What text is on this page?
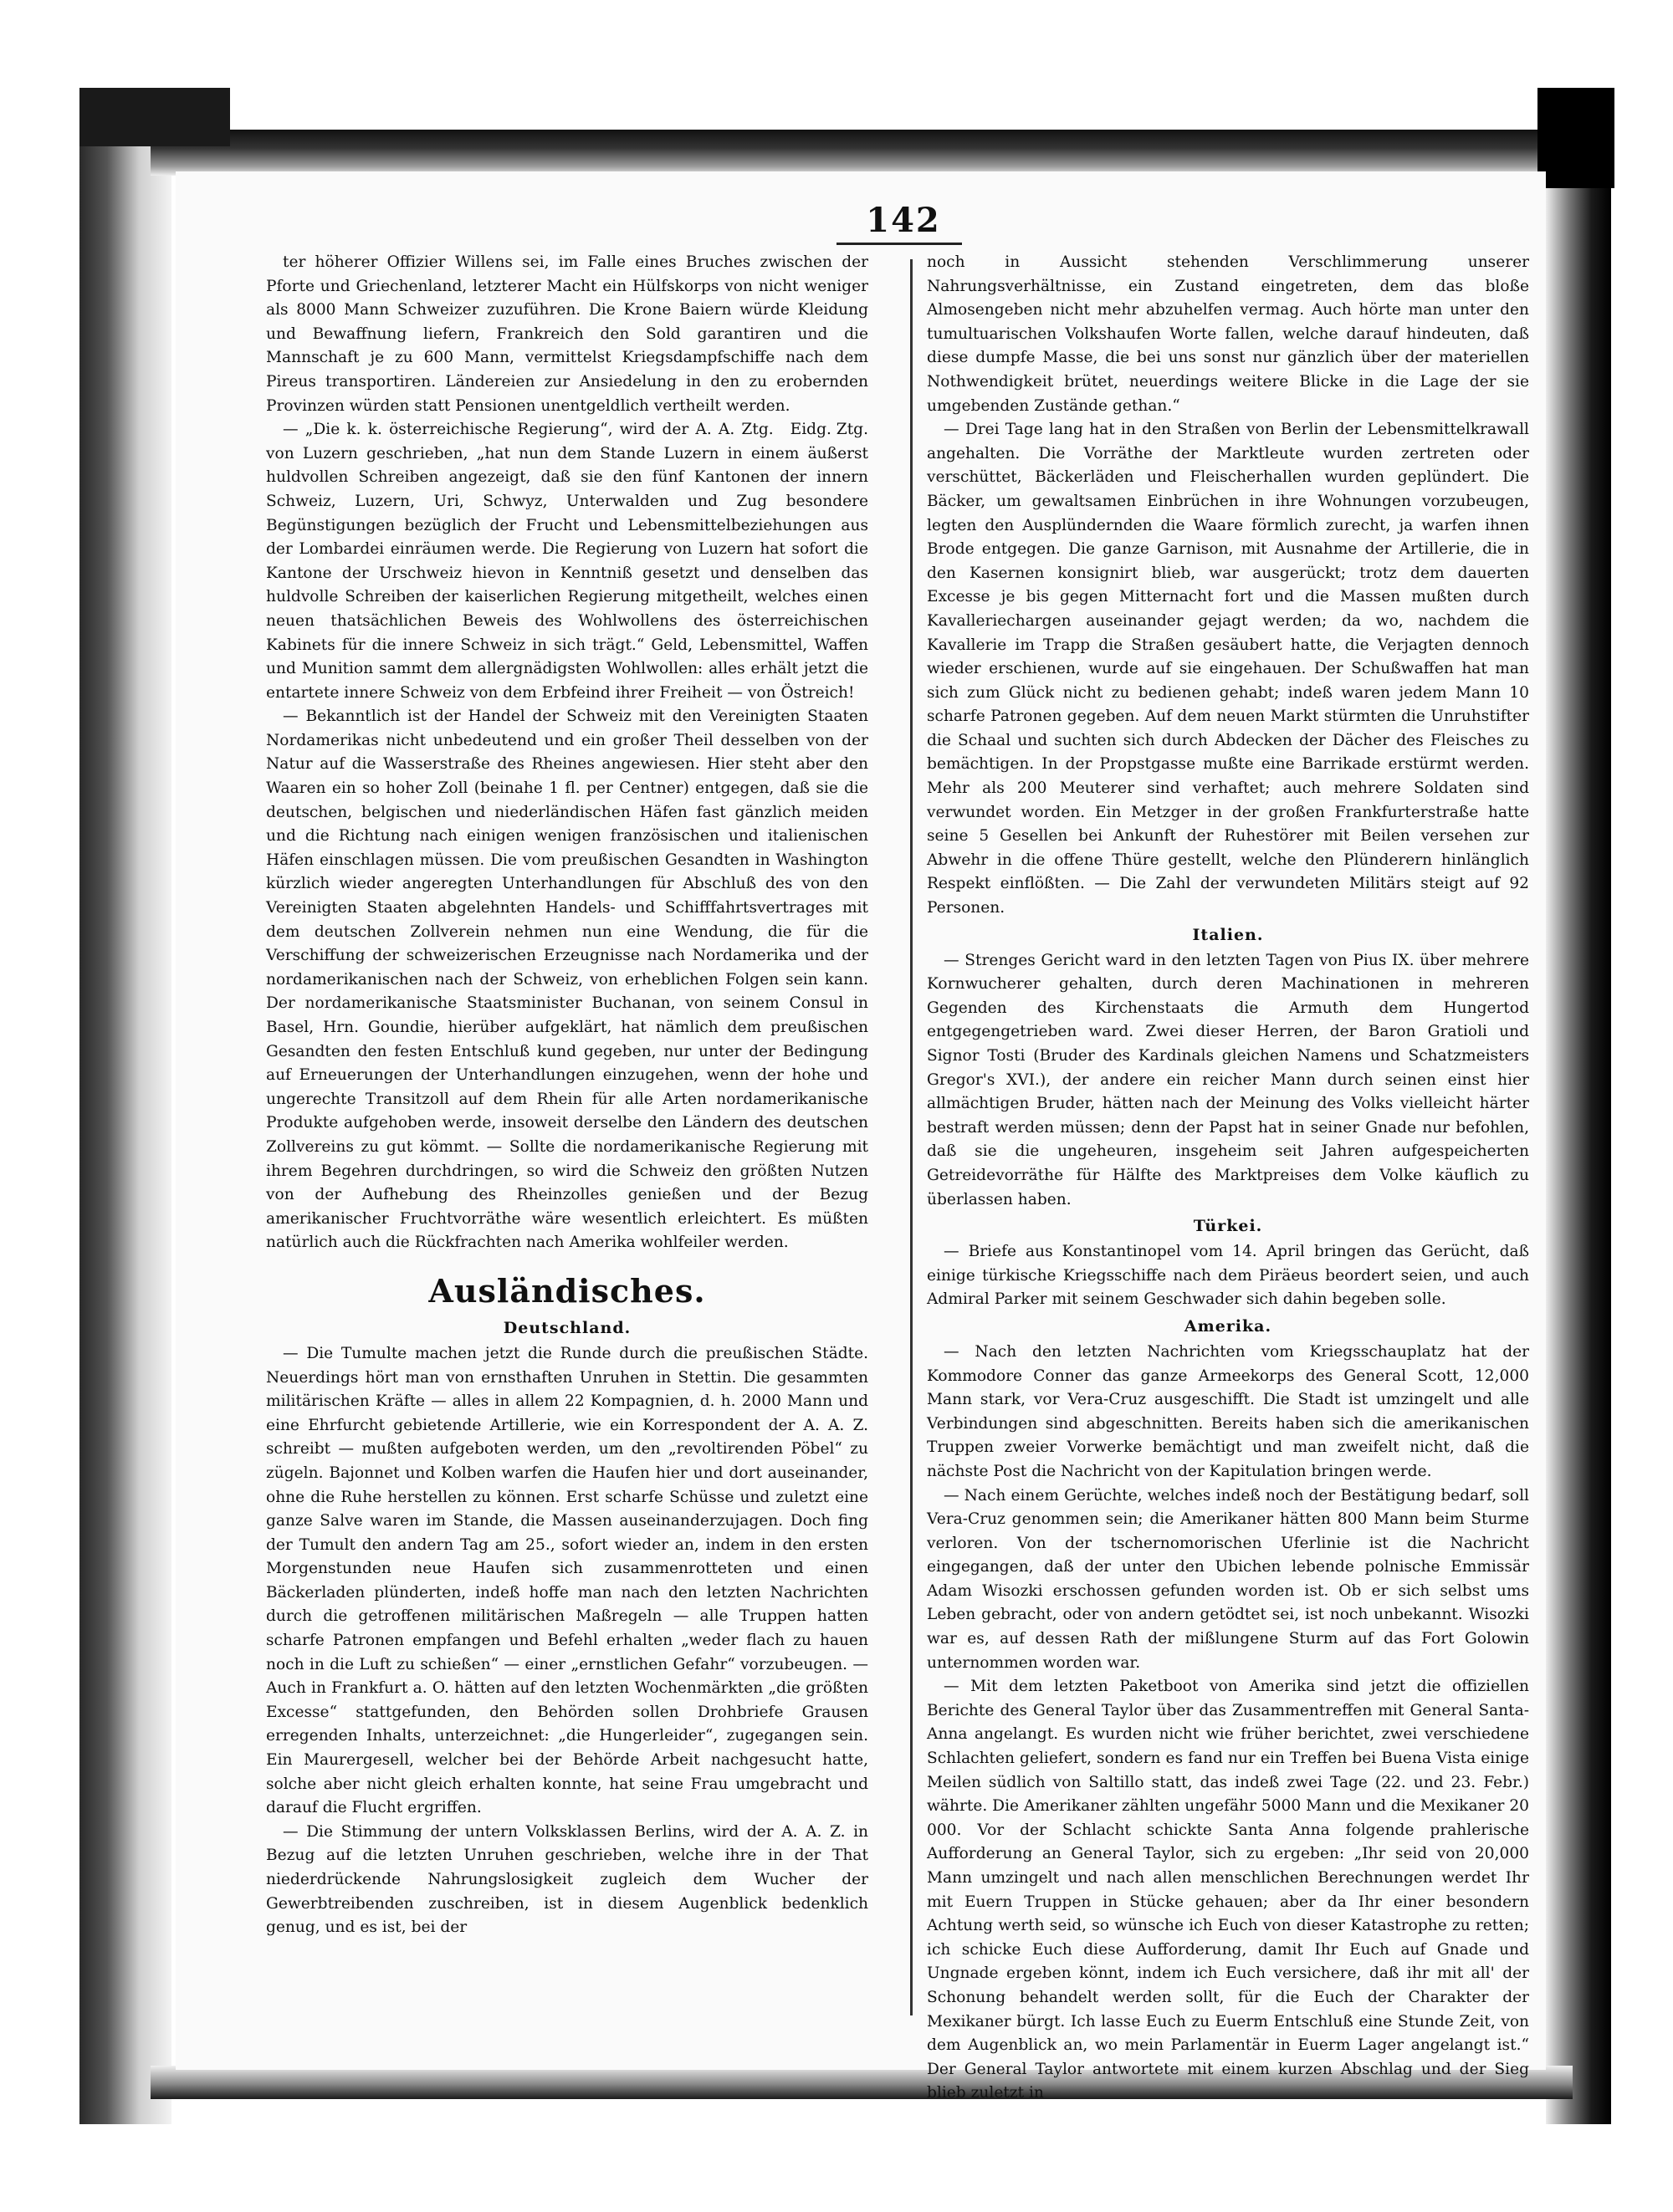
142

ter höherer Offizier Willens sei, im Falle eines Bruches zwischen der Pforte und Griechenland, letzterer Macht ein Hülfskorps von nicht weniger als 8000 Mann Schweizer zuzuführen. Die Krone Baiern würde Kleidung und Bewaffnung liefern, Frankreich den Sold garantiren und die Mannschaft je zu 600 Mann, vermittelst Kriegsdampfschiffe nach dem Pireus transportiren. Ländereien zur Ansiedelung in den zu erobernden Provinzen würden statt Pensionen unentgeldlich vertheilt werden.
Eidg. Ztg.

— „Die k. k. österreichische Regierung“, wird der A. A. Ztg. von Luzern geschrieben, „hat nun dem Stande Luzern in einem äußerst huldvollen Schreiben angezeigt, daß sie den fünf Kantonen der innern Schweiz, Luzern, Uri, Schwyz, Unterwalden und Zug besondere Begünstigungen bezüglich der Frucht und Lebensmittelbeziehungen aus der Lombardei einräumen werde. Die Regierung von Luzern hat sofort die Kantone der Urschweiz hievon in Kenntniß gesetzt und denselben das huldvolle Schreiben der kaiserlichen Regierung mitgetheilt, welches einen neuen thatsächlichen Beweis des Wohlwollens des österreichischen Kabinets für die innere Schweiz in sich trägt.“ Geld, Lebensmittel, Waffen und Munition sammt dem allergnädigsten Wohlwollen: alles erhält jetzt die entartete innere Schweiz von dem Erbfeind ihrer Freiheit — von Östreich!

— Bekanntlich ist der Handel der Schweiz mit den Vereinigten Staaten Nordamerikas nicht unbedeutend und ein großer Theil desselben von der Natur auf die Wasserstraße des Rheines angewiesen. Hier steht aber den Waaren ein so hoher Zoll (beinahe 1 fl. per Centner) entgegen, daß sie die deutschen, belgischen und niederländischen Häfen fast gänzlich meiden und die Richtung nach einigen wenigen französischen und italienischen Häfen einschlagen müssen. Die vom preußischen Gesandten in Washington kürzlich wieder angeregten Unterhandlungen für Abschluß des von den Vereinigten Staaten abgelehnten Handels- und Schifffahrtsvertrages mit dem deutschen Zollverein nehmen nun eine Wendung, die für die Verschiffung der schweizerischen Erzeugnisse nach Nordamerika und der nordamerikanischen nach der Schweiz, von erheblichen Folgen sein kann. Der nordamerikanische Staatsminister Buchanan, von seinem Consul in Basel, Hrn. Goundie, hierüber aufgeklärt, hat nämlich dem preußischen Gesandten den festen Entschluß kund gegeben, nur unter der Bedingung auf Erneuerungen der Unterhandlungen einzugehen, wenn der hohe und ungerechte Transitzoll auf dem Rhein für alle Arten nordamerikanische Produkte aufgehoben werde, insoweit derselbe den Ländern des deutschen Zollvereins zu gut kömmt. — Sollte die nordamerikanische Regierung mit ihrem Begehren durchdringen, so wird die Schweiz den größten Nutzen von der Aufhebung des Rheinzolles genießen und der Bezug amerikanischer Fruchtvorräthe wäre wesentlich erleichtert. Es müßten natürlich auch die Rückfrachten nach Amerika wohlfeiler werden.

Ausländisches.
Deutschland.

— Die Tumulte machen jetzt die Runde durch die preußischen Städte. Neuerdings hört man von ernsthaften Unruhen in Stettin. Die gesammten militärischen Kräfte — alles in allem 22 Kompagnien, d. h. 2000 Mann und eine Ehrfurcht gebietende Artillerie, wie ein Korrespondent der A. A. Z. schreibt — mußten aufgeboten werden, um den „revoltirenden Pöbel“ zu zügeln. Bajonnet und Kolben warfen die Haufen hier und dort auseinander, ohne die Ruhe herstellen zu können. Erst scharfe Schüsse und zuletzt eine ganze Salve waren im Stande, die Massen auseinanderzujagen. Doch fing der Tumult den andern Tag am 25., sofort wieder an, indem in den ersten Morgenstunden neue Haufen sich zusammenrotteten und einen Bäckerladen plünderten, indeß hoffe man nach den letzten Nachrichten durch die getroffenen militärischen Maßregeln — alle Truppen hatten scharfe Patronen empfangen und Befehl erhalten „weder flach zu hauen noch in die Luft zu schießen“ — einer „ernstlichen Gefahr“ vorzubeugen. — Auch in Frankfurt a. O. hätten auf den letzten Wochenmärkten „die größten Excesse“ stattgefunden, den Behörden sollen Drohbriefe Grausen erregenden Inhalts, unterzeichnet: „die Hungerleider“, zugegangen sein. Ein Maurergesell, welcher bei der Behörde Arbeit nachgesucht hatte, solche aber nicht gleich erhalten konnte, hat seine Frau umgebracht und darauf die Flucht ergriffen.

— Die Stimmung der untern Volksklassen Berlins, wird der A. A. Z. in Bezug auf die letzten Unruhen geschrieben, welche ihre in der That niederdrückende Nahrungslosigkeit zugleich dem Wucher der Gewerbtreibenden zuschreiben, ist in diesem Augenblick bedenklich genug, und es ist, bei der

noch in Aussicht stehenden Verschlimmerung unserer Nahrungsverhältnisse, ein Zustand eingetreten, dem das bloße Almosengeben nicht mehr abzuhelfen vermag. Auch hörte man unter den tumultuarischen Volkshaufen Worte fallen, welche darauf hindeuten, daß diese dumpfe Masse, die bei uns sonst nur gänzlich über der materiellen Nothwendigkeit brütet, neuerdings weitere Blicke in die Lage der sie umgebenden Zustände gethan.“

— Drei Tage lang hat in den Straßen von Berlin der Lebensmittelkrawall angehalten. Die Vorräthe der Marktleute wurden zertreten oder verschüttet, Bäckerläden und Fleischerhallen wurden geplündert. Die Bäcker, um gewaltsamen Einbrüchen in ihre Wohnungen vorzubeugen, legten den Ausplündernden die Waare förmlich zurecht, ja warfen ihnen Brode entgegen. Die ganze Garnison, mit Ausnahme der Artillerie, die in den Kasernen konsignirt blieb, war ausgerückt; trotz dem dauerten Excesse je bis gegen Mitternacht fort und die Massen mußten durch Kavalleriechargen auseinander gejagt werden; da wo, nachdem die Kavallerie im Trapp die Straßen gesäubert hatte, die Verjagten dennoch wieder erschienen, wurde auf sie eingehauen. Der Schußwaffen hat man sich zum Glück nicht zu bedienen gehabt; indeß waren jedem Mann 10 scharfe Patronen gegeben. Auf dem neuen Markt stürmten die Unruhstifter die Schaal und suchten sich durch Abdecken der Dächer des Fleisches zu bemächtigen. In der Propstgasse mußte eine Barrikade erstürmt werden. Mehr als 200 Meuterer sind verhaftet; auch mehrere Soldaten sind verwundet worden. Ein Metzger in der großen Frankfurterstraße hatte seine 5 Gesellen bei Ankunft der Ruhestörer mit Beilen versehen zur Abwehr in die offene Thüre gestellt, welche den Plünderern hinlänglich Respekt einflößten. — Die Zahl der verwundeten Militärs steigt auf 92 Personen.

Italien.

— Strenges Gericht ward in den letzten Tagen von Pius IX. über mehrere Kornwucherer gehalten, durch deren Machinationen in mehreren Gegenden des Kirchenstaats die Armuth dem Hungertod entgegengetrieben ward. Zwei dieser Herren, der Baron Gratioli und Signor Tosti (Bruder des Kardinals gleichen Namens und Schatzmeisters Gregor's XVI.), der andere ein reicher Mann durch seinen einst hier allmächtigen Bruder, hätten nach der Meinung des Volks vielleicht härter bestraft werden müssen; denn der Papst hat in seiner Gnade nur befohlen, daß sie die ungeheuren, insgeheim seit Jahren aufgespeicherten Getreidevorräthe für Hälfte des Marktpreises dem Volke käuflich zu überlassen haben.

Türkei.

— Briefe aus Konstantinopel vom 14. April bringen das Gerücht, daß einige türkische Kriegsschiffe nach dem Piräeus beordert seien, und auch Admiral Parker mit seinem Geschwader sich dahin begeben solle.

Amerika.

— Nach den letzten Nachrichten vom Kriegsschauplatz hat der Kommodore Conner das ganze Armeekorps des General Scott, 12,000 Mann stark, vor Vera-Cruz ausgeschifft. Die Stadt ist umzingelt und alle Verbindungen sind abgeschnitten. Bereits haben sich die amerikanischen Truppen zweier Vorwerke bemächtigt und man zweifelt nicht, daß die nächste Post die Nachricht von der Kapitulation bringen werde.

— Nach einem Gerüchte, welches indeß noch der Bestätigung bedarf, soll Vera-Cruz genommen sein; die Amerikaner hätten 800 Mann beim Sturme verloren. Von der tschernomorischen Uferlinie ist die Nachricht eingegangen, daß der unter den Ubichen lebende polnische Emmissär Adam Wisozki erschossen gefunden worden ist. Ob er sich selbst ums Leben gebracht, oder von andern getödtet sei, ist noch unbekannt. Wisozki war es, auf dessen Rath der mißlungene Sturm auf das Fort Golowin unternommen worden war.

— Mit dem letzten Paketboot von Amerika sind jetzt die offiziellen Berichte des General Taylor über das Zusammentreffen mit General Santa-Anna angelangt. Es wurden nicht wie früher berichtet, zwei verschiedene Schlachten geliefert, sondern es fand nur ein Treffen bei Buena Vista einige Meilen südlich von Saltillo statt, das indeß zwei Tage (22. und 23. Febr.) währte. Die Amerikaner zählten ungefähr 5000 Mann und die Mexikaner 20 000. Vor der Schlacht schickte Santa Anna folgende prahlerische Aufforderung an General Taylor, sich zu ergeben: „Ihr seid von 20,000 Mann umzingelt und nach allen menschlichen Berechnungen werdet Ihr mit Euern Truppen in Stücke gehauen; aber da Ihr einer besondern Achtung werth seid, so wünsche ich Euch von dieser Katastrophe zu retten; ich schicke Euch diese Aufforderung, damit Ihr Euch auf Gnade und Ungnade ergeben könnt, indem ich Euch versichere, daß ihr mit all' der Schonung behandelt werden sollt, für die Euch der Charakter der Mexikaner bürgt. Ich lasse Euch zu Euerm Entschluß eine Stunde Zeit, von dem Augenblick an, wo mein Parlamentär in Euerm Lager angelangt ist.“ Der General Taylor antwortete mit einem kurzen Abschlag und der Sieg blieb zuletzt in
